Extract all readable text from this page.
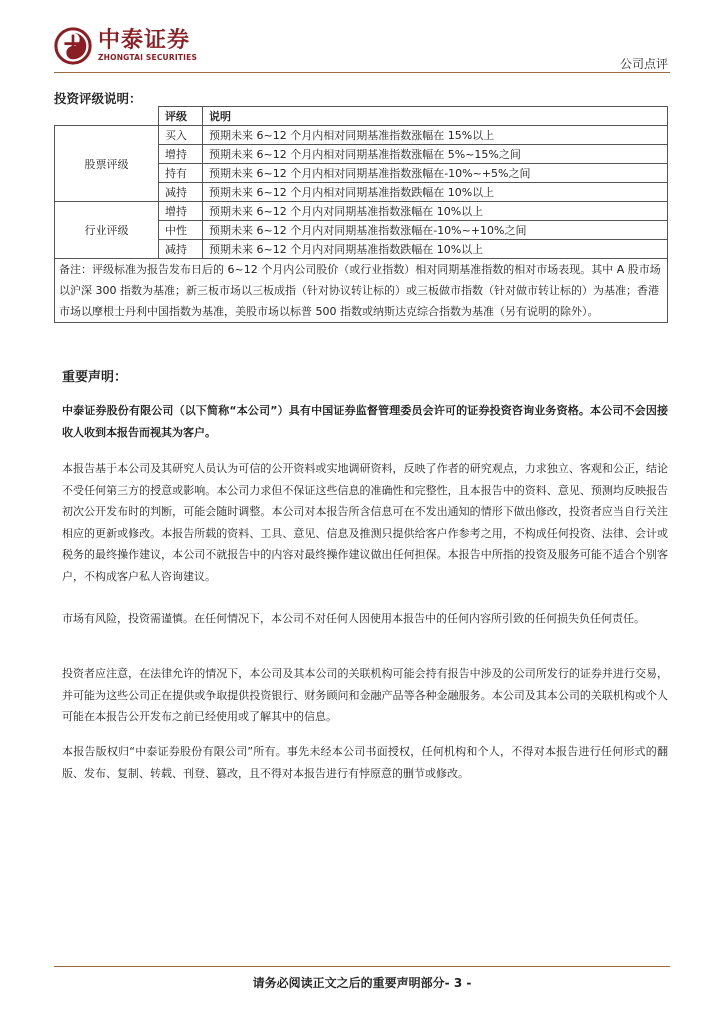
中泰证券
ZHONGTAI SECURITIES	公司点评
投资评级说明：
	评级	说明
股票评级	买入	预期未来 6~12 个月内相对同期基准指数涨幅在 15%以上
	增持	预期未来 6~12 个月内相对同期基准指数涨幅在 5%~15%之间
	持有	预期未来 6~12 个月内相对同期基准指数涨幅在-10%~+5%之间
	减持	预期未来 6~12 个月内相对同期基准指数跌幅在 10%以上
行业评级	增持	预期未来 6~12 个月内对同期基准指数涨幅在 10%以上
	中性	预期未来 6~12 个月内对同期基准指数涨幅在-10%~+10%之间
	减持	预期未来 6~12 个月内对同期基准指数跌幅在 10%以上
备注：评级标准为报告发布日后的 6~12 个月内公司股价（或行业指数）相对同期基准指数的相对市场表现。其中 A 股市场以沪深 300 指数为基准；新三板市场以三板成指（针对协议转让标的）或三板做市指数（针对做市转让标的）为基准；香港市场以摩根士丹利中国指数为基准，美股市场以标普 500 指数或纳斯达克综合指数为基准（另有说明的除外）。		
重要声明：
中泰证券股份有限公司（以下简称“本公司”）具有中国证券监督管理委员会许可的证券投资咨询业务资格。本公司不会因接收人收到本报告而视其为客户。
本报告基于本公司及其研究人员认为可信的公开资料或实地调研资料，反映了作者的研究观点，力求独立、客观和公正，结论不受任何第三方的授意或影响。本公司力求但不保证这些信息的准确性和完整性，且本报告中的资料、意见、预测均反映报告初次公开发布时的判断，可能会随时调整。本公司对本报告所含信息可在不发出通知的情形下做出修改，投资者应当自行关注相应的更新或修改。本报告所载的资料、工具、意见、信息及推测只提供给客户作参考之用，不构成任何投资、法律、会计或税务的最终操作建议，本公司不就报告中的内容对最终操作建议做出任何担保。本报告中所指的投资及服务可能不适合个别客户，不构成客户私人咨询建议。
市场有风险，投资需谨慎。在任何情况下，本公司不对任何人因使用本报告中的任何内容所引致的任何损失负任何责任。
投资者应注意，在法律允许的情况下，本公司及其本公司的关联机构可能会持有报告中涉及的公司所发行的证券并进行交易，并可能为这些公司正在提供或争取提供投资银行、财务顾问和金融产品等各种金融服务。本公司及其本公司的关联机构或个人可能在本报告公开发布之前已经使用或了解其中的信息。
本报告版权归“中泰证券股份有限公司”所有。事先未经本公司书面授权，任何机构和个人，不得对本报告进行任何形式的翻版、发布、复制、转载、刊登、篡改，且不得对本报告进行有悖原意的删节或修改。
请务必阅读正文之后的重要声明部分- 3 -
